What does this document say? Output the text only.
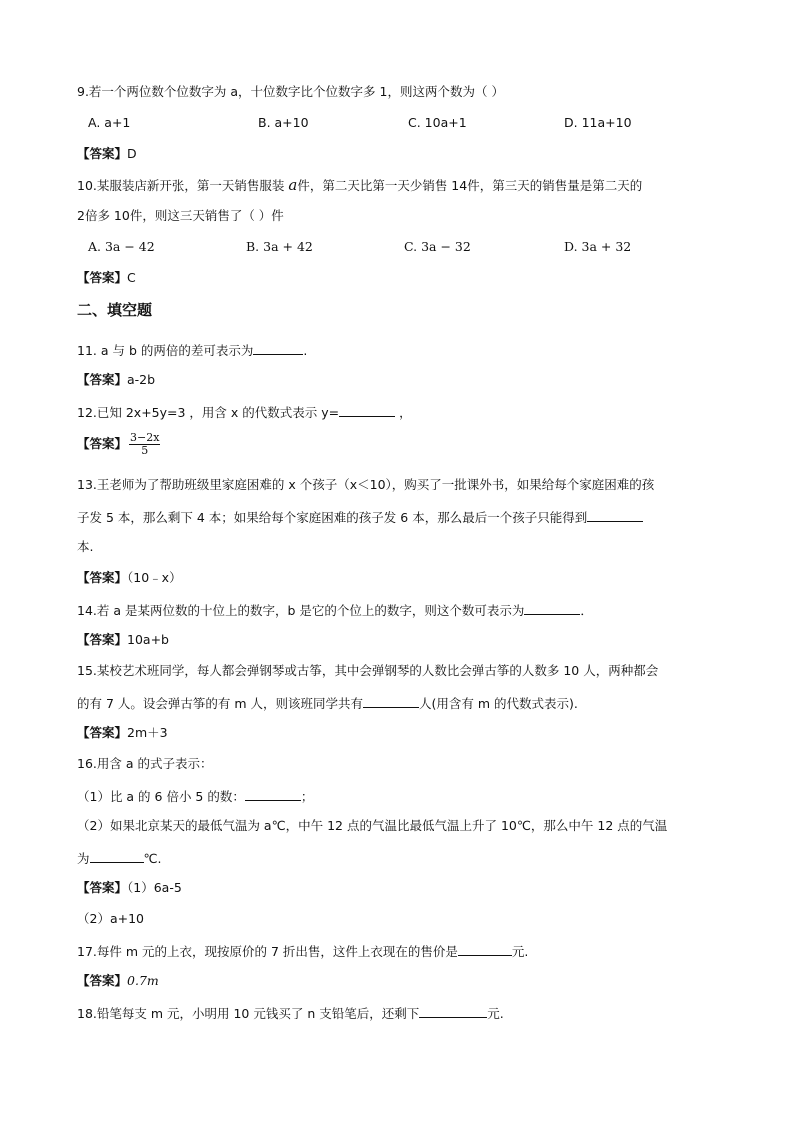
9.若一个两位数个位数字为 a，十位数字比个位数字多 1，则这两个数为（ ）
A. a+1	B. a+10	C. 10a+1	D. 11a+10
【答案】D
10.某服装店新开张，第一天销售服装 a件，第二天比第一天少销售 14件，第三天的销售量是第二天的
2倍多 10件，则这三天销售了（ ）件
A. 3a − 42	B. 3a + 42	C. 3a − 32	D. 3a + 32
【答案】C
二、填空题
11. a 与 b 的两倍的差可表示为	.
【答案】a-2b
12.已知 2x+5y=3 ，用含 x 的代数式表示 y=	，
【答案】 $\frac{3-2x}{5}$
13.王老师为了帮助班级里家庭困难的 x 个孩子（x＜10），购买了一批课外书，如果给每个家庭困难的孩
子发 5 本，那么剩下 4 本；如果给每个家庭困难的孩子发 6 本，那么最后一个孩子只能得到
本.
【答案】（10﹣x）
14.若 a 是某两位数的十位上的数字，b 是它的个位上的数字，则这个数可表示为	．
【答案】10a+b
15.某校艺术班同学，每人都会弹钢琴或古筝，其中会弹钢琴的人数比会弹古筝的人数多 10 人，两种都会
的有 7 人。设会弹古筝的有 m 人，则该班同学共有	人(用含有 m 的代数式表示).
【答案】2m＋3
16.用含 a 的式子表示：
（1）比 a 的 6 倍小 5 的数：	；
（2）如果北京某天的最低气温为 a℃，中午 12 点的气温比最低气温上升了 10℃，那么中午 12 点的气温
为	℃.
【答案】（1）6a-5
（2）a+10
17.每件 m 元的上衣，现按原价的 7 折出售，这件上衣现在的售价是	元.
【答案】0.7m
18.铅笔每支 m 元，小明用 10 元钱买了 n 支铅笔后，还剩下	元.
